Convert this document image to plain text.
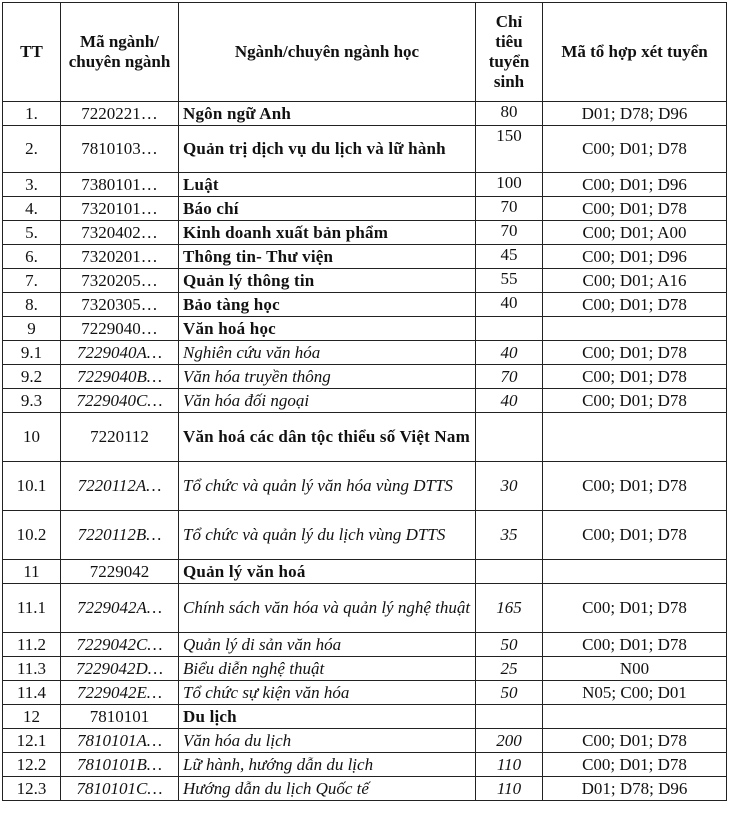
TT	Mã ngành/ chuyên ngành	Ngành/chuyên ngành học	Chỉ tiêu tuyển sinh	Mã tổ hợp xét tuyển
1.	7220221…	Ngôn ngữ Anh	80	D01; D78; D96
2.	7810103…	Quản trị dịch vụ du lịch và lữ hành	150	C00; D01; D78
3.	7380101…	Luật	100	C00; D01; D96
4.	7320101…	Báo chí	70	C00; D01; D78
5.	7320402…	Kinh doanh xuất bản phẩm	70	C00; D01; A00
6.	7320201…	Thông tin- Thư viện	45	C00; D01; D96
7.	7320205…	Quản lý thông tin	55	C00; D01; A16
8.	7320305…	Bảo tàng học	40	C00; D01; D78
9	7229040…	Văn hoá học		
9.1	7229040A…	Nghiên cứu văn hóa	40	C00; D01; D78
9.2	7229040B…	Văn hóa truyền thông	70	C00; D01; D78
9.3	7229040C…	Văn hóa đối ngoại	40	C00; D01; D78
10	7220112	Văn hoá các dân tộc thiểu số Việt Nam		
10.1	7220112A…	Tổ chức và quản lý văn hóa vùng DTTS	30	C00; D01; D78
10.2	7220112B…	Tổ chức và quản lý du lịch vùng DTTS	35	C00; D01; D78
11	7229042	Quản lý văn hoá		
11.1	7229042A…	Chính sách văn hóa và quản lý nghệ thuật	165	C00; D01; D78
11.2	7229042C…	Quản lý di sản văn hóa	50	C00; D01; D78
11.3	7229042D…	Biểu diễn nghệ thuật	25	N00
11.4	7229042E…	Tổ chức sự kiện văn hóa	50	N05; C00; D01
12	7810101	Du lịch		
12.1	7810101A…	Văn hóa du lịch	200	C00; D01; D78
12.2	7810101B…	Lữ hành, hướng dẫn du lịch	110	C00; D01; D78
12.3	7810101C…	Hướng dẫn du lịch Quốc tế	110	D01; D78; D96
